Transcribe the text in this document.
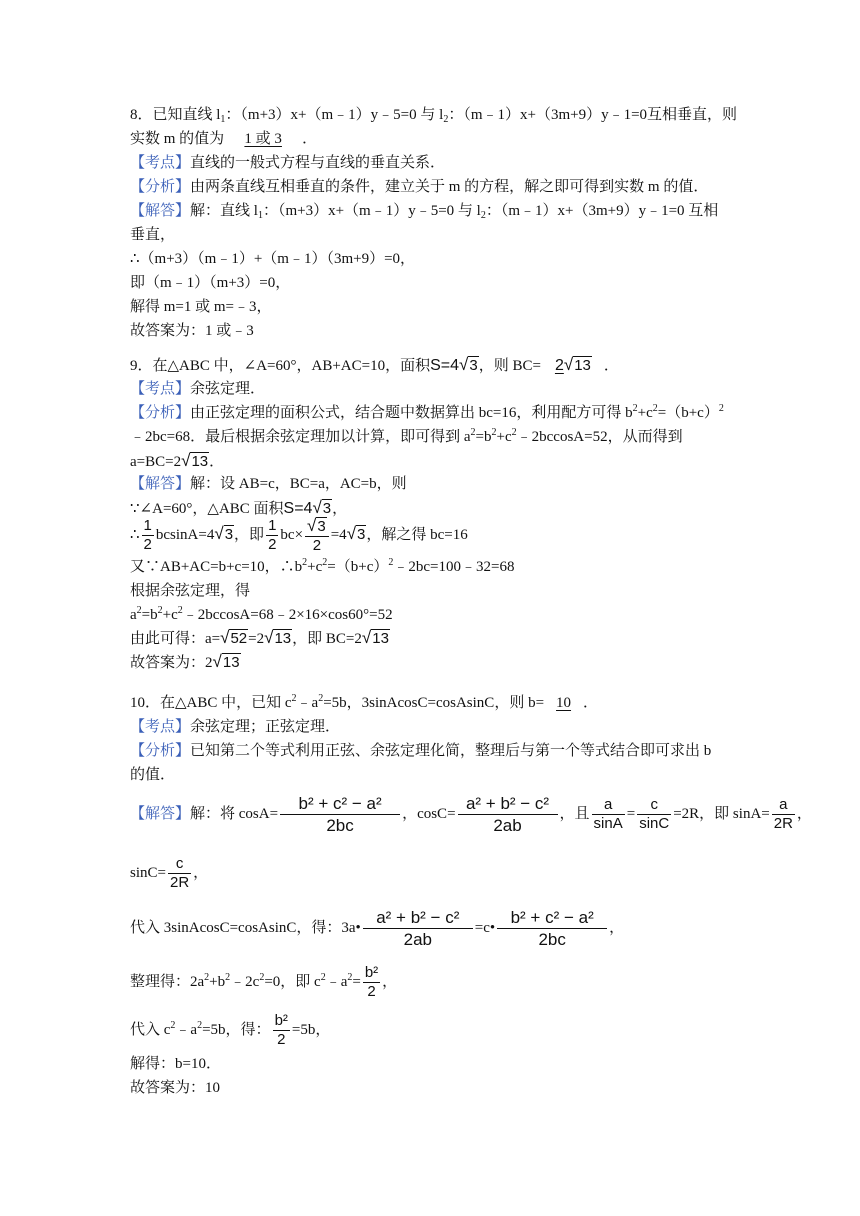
8．已知直线 $l_1$：（m+3）x+（m﹣1）y﹣5=0 与 $l_2$：（m﹣1）x+（3m+9）y﹣1=0互相垂直，则
实数 m 的值为 1 或 3 ．
【考点】直线的一般式方程与直线的垂直关系．
【分析】由两条直线互相垂直的条件，建立关于 m 的方程，解之即可得到实数 m 的值．
【解答】解：直线 $l_1$：（m+3）x+（m﹣1）y﹣5=0 与 $l_2$：（m﹣1）x+（3m+9）y﹣1=0 互相
垂直，
∴（m+3）（m﹣1）+（m﹣1）（3m+9）=0，
即（m﹣1）（m+3）=0，
解得 m=1 或 m=﹣3，
故答案为：1 或﹣3
9．在△ABC 中，∠A=60°，AB+AC=10，面积S=4√3，则 BC= 2√13 ．
【考点】余弦定理．
【分析】由正弦定理的面积公式，结合题中数据算出 bc=16，利用配方可得 $b^2+c^2=(b+c)^2$
﹣2bc=68．最后根据余弦定理加以计算，即可得到 $a^2=b^2+c^2﹣2bccosA=52$，从而得到
a=BC=2√13．
【解答】解：设 AB=c，BC=a，AC=b，则
∵∠A=60°，△ABC 面积S=4√3，
∴ $\frac{1}{2} bcsinA=4√3$，即 $\frac{1}{2} bc\times \frac{√3}{2} =4√3$，解之得 bc=16
又∵AB+AC=b+c=10，$\therefore b^2+c^2=(b+c)^2﹣2bc=100﹣32=68$
根据余弦定理，得
$a^2=b^2+c^2﹣2bccosA=68﹣2\times 16\times\cos 60^\circ=52$
由此可得：a=√52=2√13，即 BC=2√13
故答案为：2√13
10．在△ABC 中，已知 $c^2﹣a^2=5b$，3sinAcosC=cosAsinC，则 b= 10 ．
【考点】余弦定理；正弦定理．
【分析】已知第二个等式利用正弦、余弦定理化简，整理后与第一个等式结合即可求出 b
的值．
【解答】解：将 $\cos A= \frac{\text{b² + c² − a²}}{2bc}$ ，$\cos C= \frac{\text{a² + b² − c²}}{2ab}$ ，且 $\frac{a}{\sin A} = \frac{c}{\sin C} =2R$，即 $\sin A= \frac{a}{2R}$ ，
$\sin C= \frac{c}{2R}$ ，
代入 3sinAcosC=cosAsinC，得：3a• $\frac{\text{a² + b² − c²}}{2ab}$ =c• $\frac{\text{b² + c² − a²}}{2bc}$ ，
整理得：$2a^2+b^2﹣2c^2=0$，即 $c^2﹣a^2= \frac{\text{b²}}{2}$ ，
代入 $c^2﹣a^2=5b$，得： $\frac{\text{b²}}{2} =5b$，
解得：b=10．
故答案为：10
